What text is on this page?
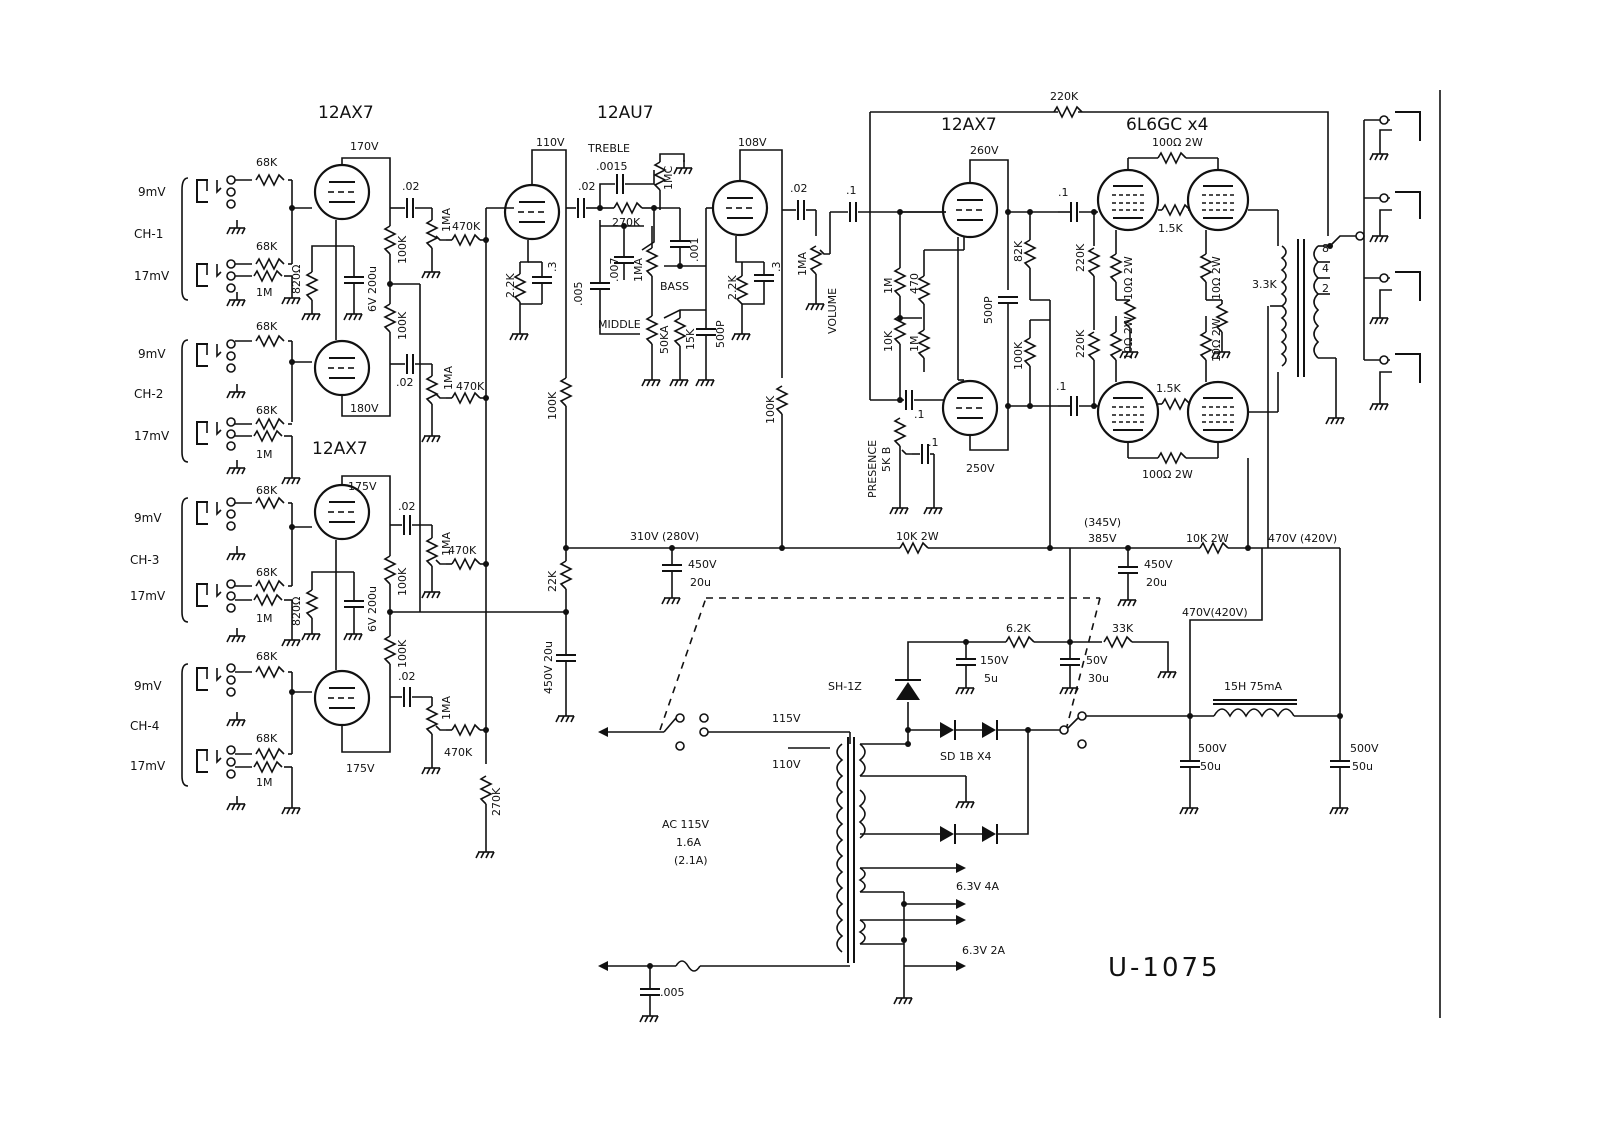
12AX7
12AX7
12AU7
12AX7	6L6GC x4
9mV
CH-1
17mV
9mV
CH-2
17mV
9mV
CH-3
17mV
9mV
CH-4
17mV
170V
180V
175V
175V
110V	108V
260V
250V
310V (280V)
(345V)
385V	470V (420V)
470V(420V)
115V
110V
68K
68K
1M
68K
68K
1M
68K
68K
1M
68K
68K
1M
820Ω	6V 200u
820Ω	6V 200u
100K
100K
100K
100K
.02
.02
.02
.02
.02	.02
1MA
1MA
1MA
1MA
470K
470K
470K
470K
270K
2.2K
.3
100K
22K
450V 20u
TREBLE
.0015	1MC
270K
.007
.005
1MA
.001
BASS
MIDDLE
50KA 15K 500P
2.2K
.3
100K
1MA
VOLUME
.1
1M 470
10K 1M
.1
PRESENCE 5K B
.1
500P
82K
100K
220K
.1
.1
220K
220K
100Ω 2W
100Ω 2W
1.5K
1.5K
10Ω 2W
10Ω 2W
10Ω 2W
10Ω 2W
3.3K
8
4
2
10K 2W	10K 2W
450V
20u
450V
20u
6.2K	33K
150V
5u
50V
30u
SH-1Z
SD 1B X4
15H 75mA
500V
50u
500V
50u
6.3V 4A
6.3V 2A
.005
AC 115V
1.6A
(2.1A)
U-1075
